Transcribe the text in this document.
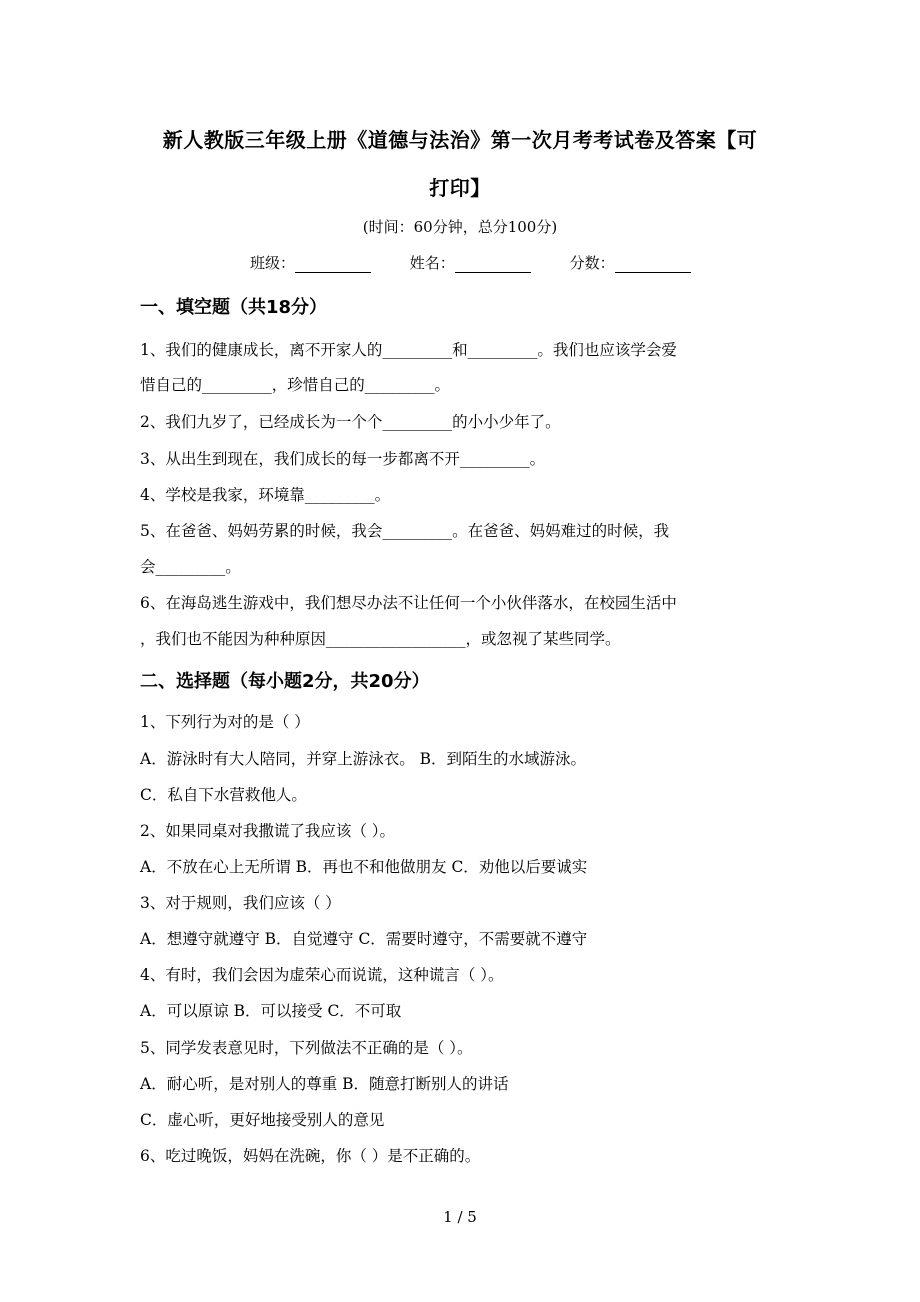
新人教版三年级上册《道德与法治》第一次月考考试卷及答案【可
打印】
(时间：60分钟，总分100分)
班级：	姓名：	分数：
一、填空题（共18分）
1、我们的健康成长，离不开家人的_________和_________。我们也应该学会爱
惜自己的_________，珍惜自己的_________。
2、我们九岁了，已经成长为一个个_________的小小少年了。
3、从出生到现在，我们成长的每一步都离不开_________。
4、学校是我家，环境靠_________。
5、在爸爸、妈妈劳累的时候，我会_________。在爸爸、妈妈难过的时候，我
会_________。
6、在海岛逃生游戏中，我们想尽办法不让任何一个小伙伴落水，在校园生活中
，我们也不能因为种种原因__________________，或忽视了某些同学。
二、选择题（每小题2分，共20分）
1、下列行为对的是（ ）
A．游泳时有大人陪同，并穿上游泳衣。 B．到陌生的水域游泳。
C．私自下水营救他人。
2、如果同桌对我撒谎了我应该（ ）。
A．不放在心上无所谓 B．再也不和他做朋友 C．劝他以后要诚实
3、对于规则，我们应该（ ）
A．想遵守就遵守 B．自觉遵守 C．需要时遵守，不需要就不遵守
4、有时，我们会因为虚荣心而说谎，这种谎言（ ）。
A．可以原谅 B．可以接受 C．不可取
5、同学发表意见时，下列做法不正确的是（ ）。
A．耐心听，是对别人的尊重 B．随意打断别人的讲话
C．虚心听，更好地接受别人的意见
6、吃过晚饭，妈妈在洗碗，你（ ）是不正确的。
1 / 5
